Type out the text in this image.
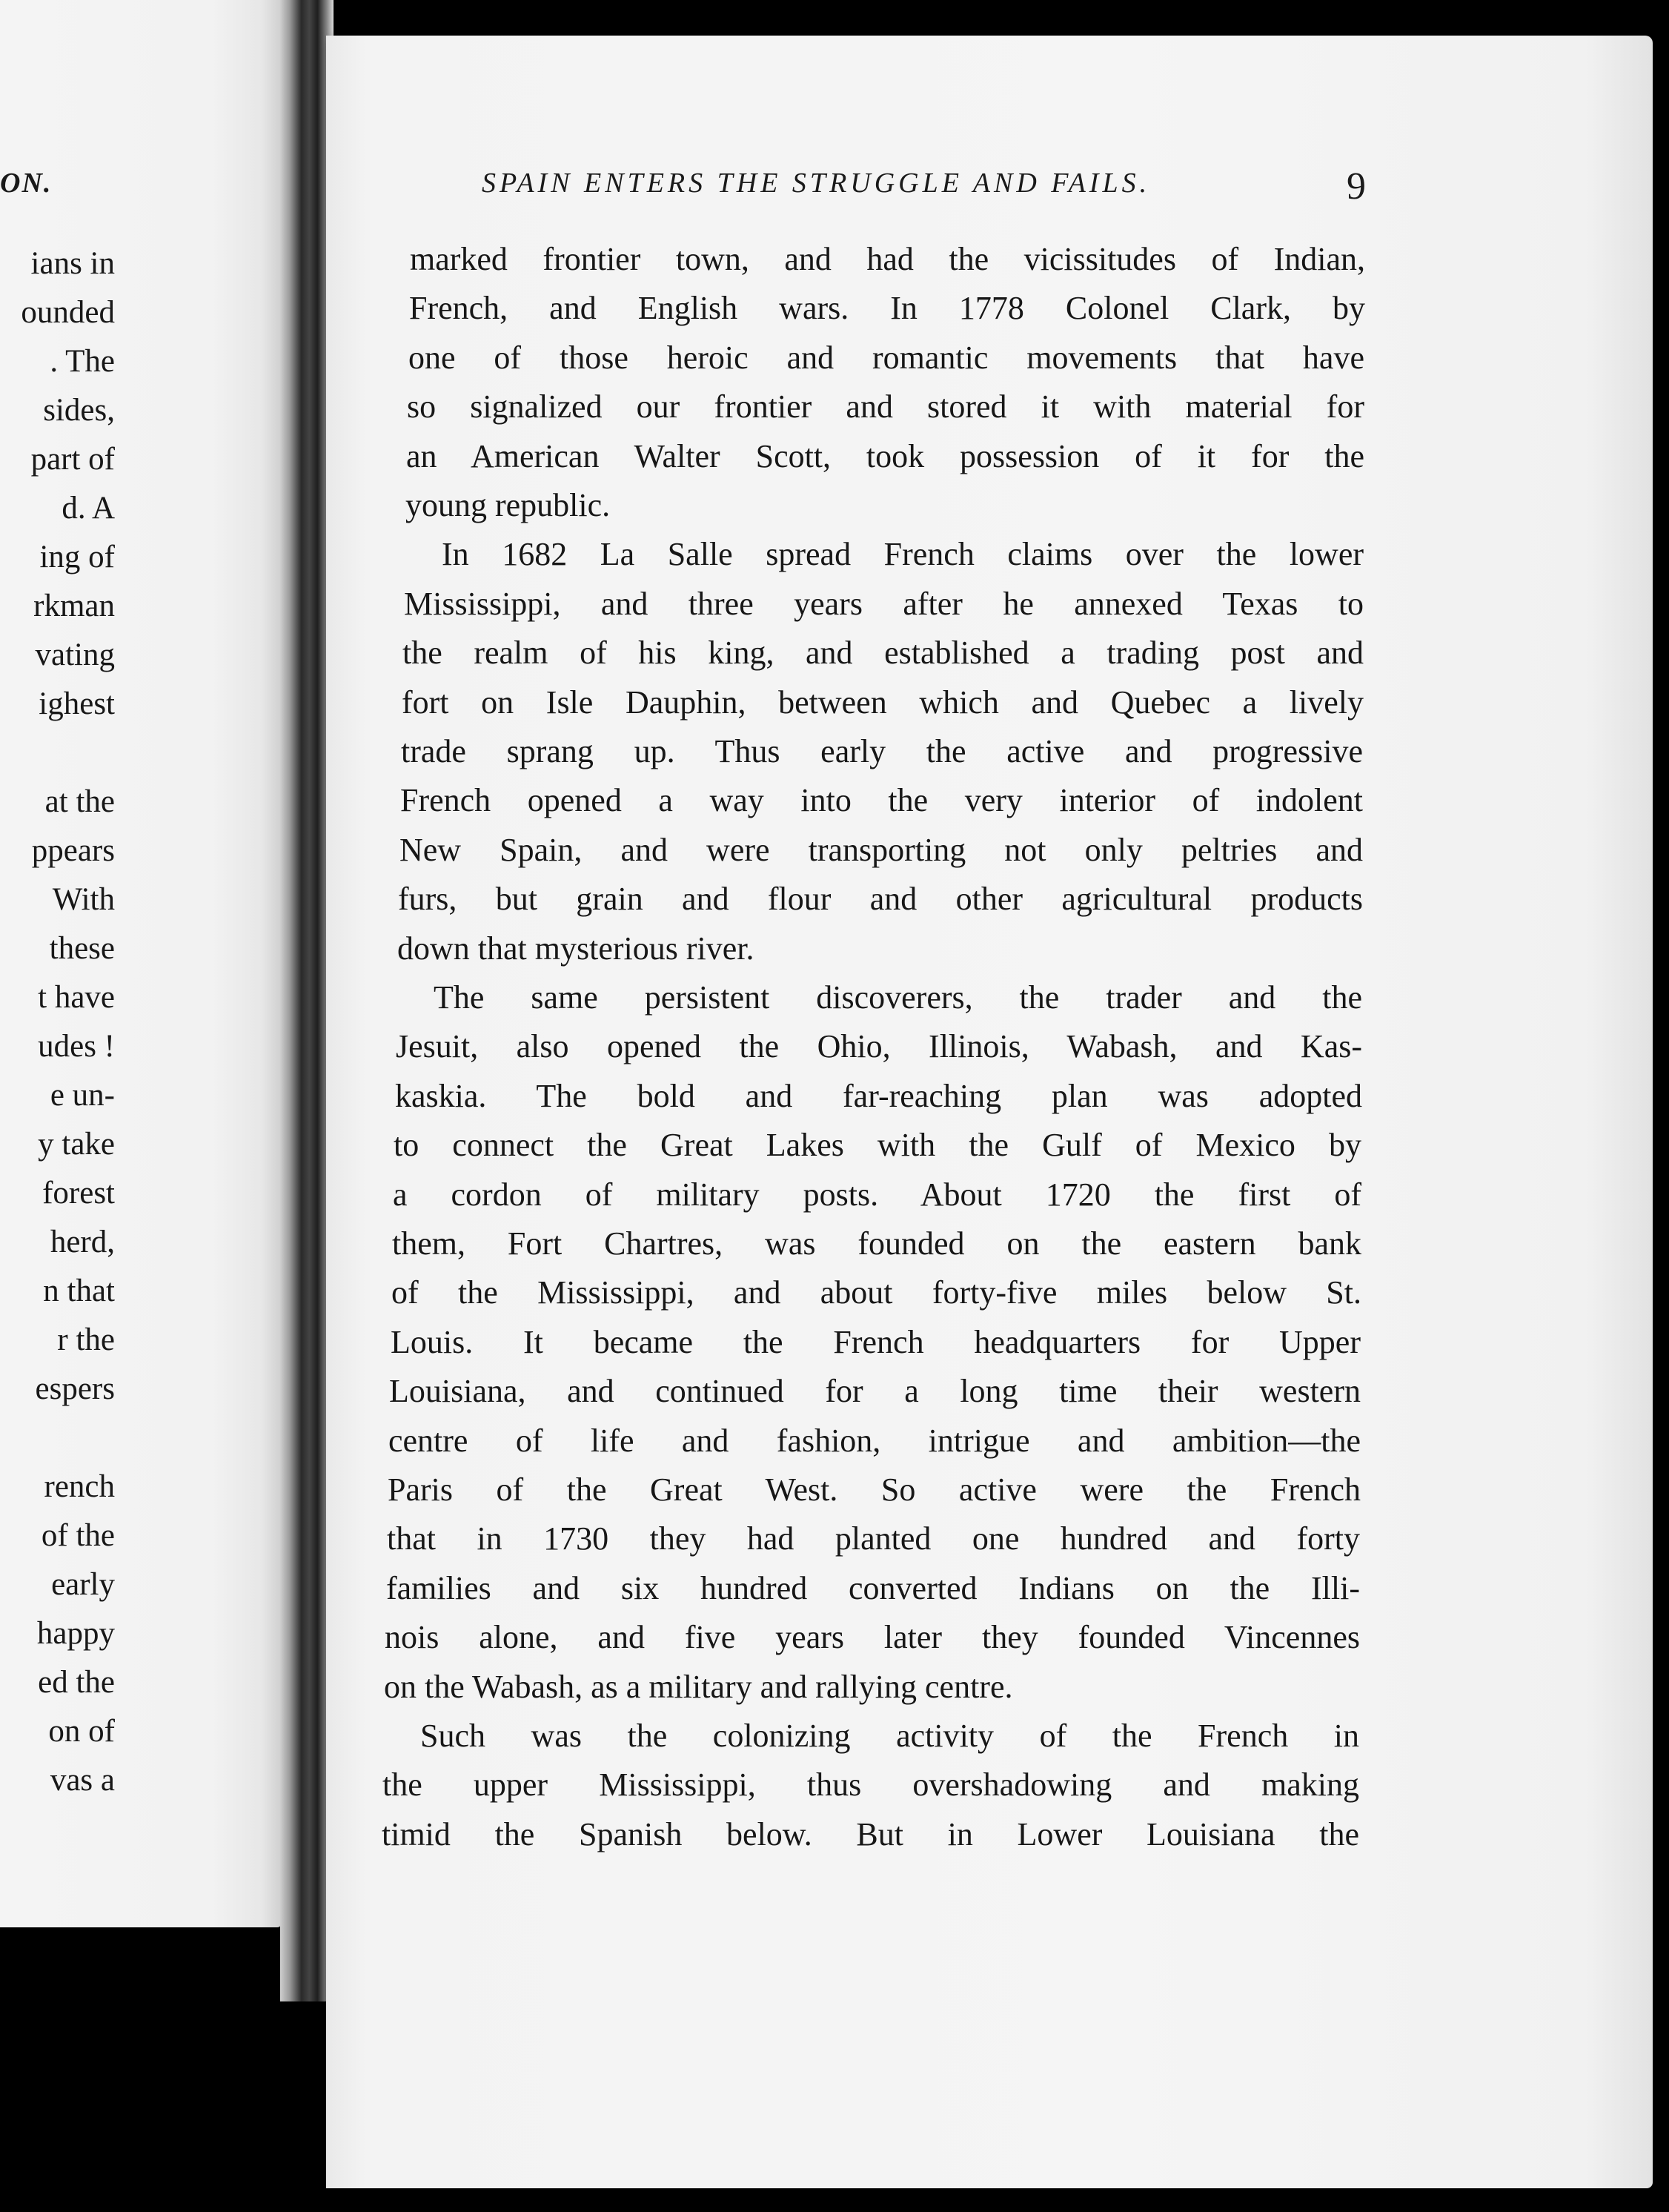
ON.
ians in
ounded
. The
sides,
part of
d. A
ing of
rkman
vating
ighest
at the
ppears
With
these
t have
udes !
e un-
y take
forest
herd,
n that
r the
espers
rench
of the
early
happy
ed the
on of
vas a
SPAIN ENTERS THE STRUGGLE AND FAILS.	9
marked frontier town, and had the vicissitudes of Indian,
French, and English wars. In 1778 Colonel Clark, by
one of those heroic and romantic movements that have
so signalized our frontier and stored it with material for
an American Walter Scott, took possession of it for the
young republic.
In 1682 La Salle spread French claims over the lower
Mississippi, and three years after he annexed Texas to
the realm of his king, and established a trading post and
fort on Isle Dauphin, between which and Quebec a lively
trade sprang up. Thus early the active and progressive
French opened a way into the very interior of indolent
New Spain, and were transporting not only peltries and
furs, but grain and flour and other agricultural products
down that mysterious river.
The same persistent discoverers, the trader and the
Jesuit, also opened the Ohio, Illinois, Wabash, and Kas-
kaskia. The bold and far-reaching plan was adopted
to connect the Great Lakes with the Gulf of Mexico by
a cordon of military posts. About 1720 the first of
them, Fort Chartres, was founded on the eastern bank
of the Mississippi, and about forty-five miles below St.
Louis. It became the French headquarters for Upper
Louisiana, and continued for a long time their western
centre of life and fashion, intrigue and ambition—the
Paris of the Great West. So active were the French
that in 1730 they had planted one hundred and forty
families and six hundred converted Indians on the Illi-
nois alone, and five years later they founded Vincennes
on the Wabash, as a military and rallying centre.
Such was the colonizing activity of the French in
the upper Mississippi, thus overshadowing and making
timid the Spanish below. But in Lower Louisiana the
